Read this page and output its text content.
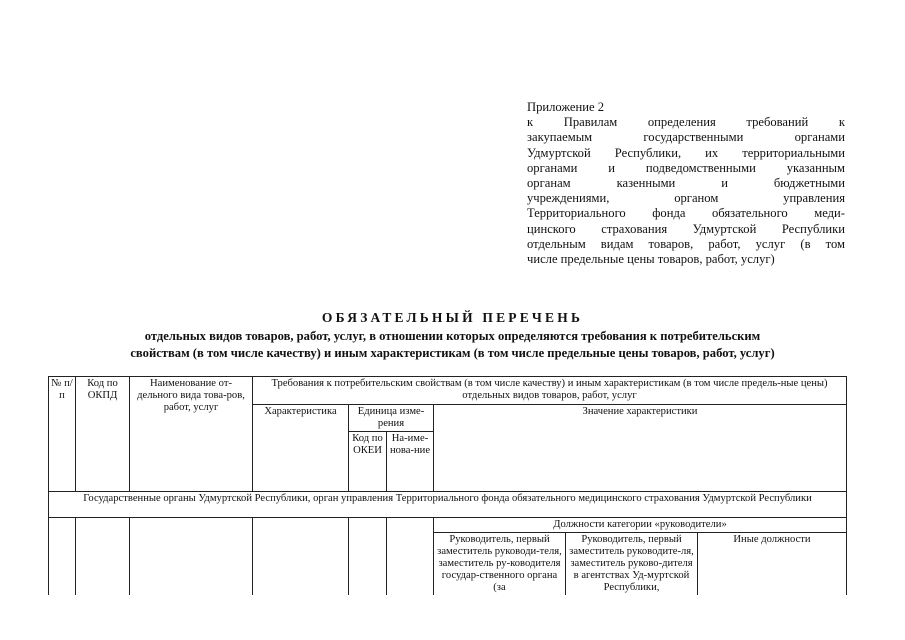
Приложение 2
к Правилам определения требований к
закупаемым государственными органами
Удмуртской Республики, их территориальными
органами и подведомственными указанным
органам казенными и бюджетными
учреждениями, органом управления
Территориального фонда обязательного меди-
цинского страхования Удмуртской Республики
отдельным видам товаров, работ, услуг (в том
числе предельные цены товаров, работ, услуг)
ОБЯЗАТЕЛЬНЫЙ ПЕРЕЧЕНЬ
отдельных видов товаров, работ, услуг, в отношении которых определяются требования к потребительским
свойствам (в том числе качеству) и иным характеристикам (в том числе предельные цены товаров, работ, услуг)
№ п/п	Код по ОКПД	Наименование от-дельного вида това-ров, работ, услуг	Требования к потребительским свойствам (в том числе качеству) и иным характеристикам (в том числе предель-ные цены) отдельных видов товаров, работ, услуг					
			Характеристика	Единица изме-рения		Значение характеристики		
				Код по ОКЕИ	На-име-нова-ние			
Государственные органы Удмуртской Республики, орган управления Территориального фонда обязательного медицинского страхования Удмуртской Республики								
						Должности категории «руководители»		
						Руководитель, первый заместитель руководи-теля, заместитель ру-ководителя государ-ственного органа (за	Руководитель, первый заместитель руководите-ля, заместитель руково-дителя в агентствах Уд-муртской Республики,	Иные должности
